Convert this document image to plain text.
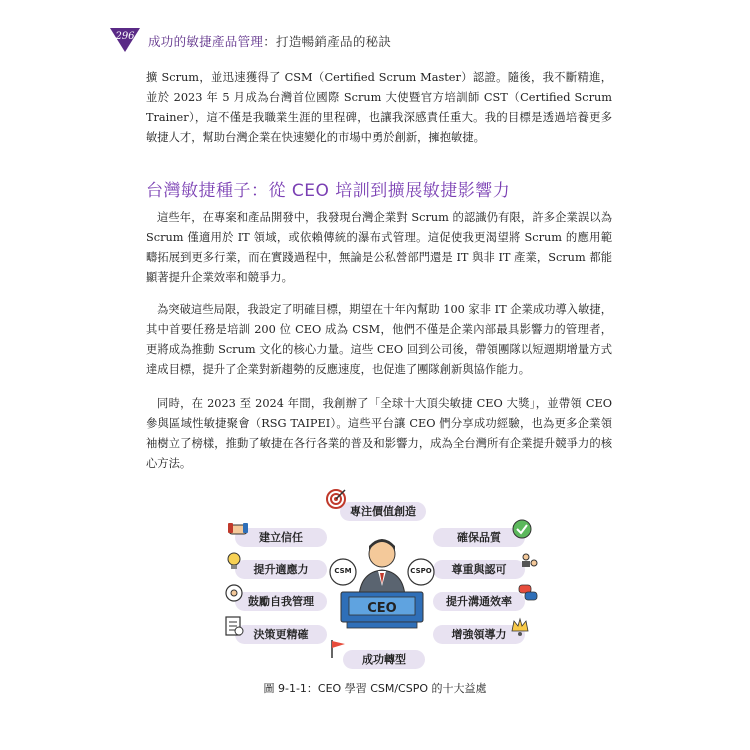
296 成功的敏捷產品管理：打造暢銷產品的秘訣

擴 Scrum，並迅速獲得了 CSM（Certified Scrum Master）認證。隨後，我不斷精進，並於 2023 年 5 月成為台灣首位國際 Scrum 大使暨官方培訓師 CST（Certified Scrum Trainer），這不僅是我職業生涯的里程碑，也讓我深感責任重大。我的目標是透過培養更多敏捷人才，幫助台灣企業在快速變化的市場中勇於創新，擁抱敏捷。

台灣敏捷種子：從 CEO 培訓到擴展敏捷影響力

這些年，在專案和產品開發中，我發現台灣企業對 Scrum 的認識仍有限，許多企業誤以為 Scrum 僅適用於 IT 領域，或依賴傳統的瀑布式管理。這促使我更渴望將 Scrum 的應用範疇拓展到更多行業，而在實踐過程中，無論是公私營部門還是 IT 與非 IT 產業，Scrum 都能顯著提升企業效率和競爭力。

為突破這些局限，我設定了明確目標，期望在十年內幫助 100 家非 IT 企業成功導入敏捷，其中首要任務是培訓 200 位 CEO 成為 CSM，他們不僅是企業內部最具影響力的管理者，更將成為推動 Scrum 文化的核心力量。這些 CEO 回到公司後，帶領團隊以短週期增量方式達成目標，提升了企業對新趨勢的反應速度，也促進了團隊創新與協作能力。

同時，在 2023 至 2024 年間，我創辦了「全球十大頂尖敏捷 CEO 大獎」，並帶領 CEO 參與區域性敏捷聚會（RSG TAIPEI）。這些平台讓 CEO 們分享成功經驗，也為更多企業領袖樹立了榜樣，推動了敏捷在各行各業的普及和影響力，成為全台灣所有企業提升競爭力的核心方法。

專注價值創造
建立信任
提升適應力
鼓勵自我管理
決策更精確
確保品質
尊重與認可
提升溝通效率
增強領導力
成功轉型
CSM	CSPO
CEO
圖 9-1-1：CEO 學習 CSM/CSPO 的十大益處
